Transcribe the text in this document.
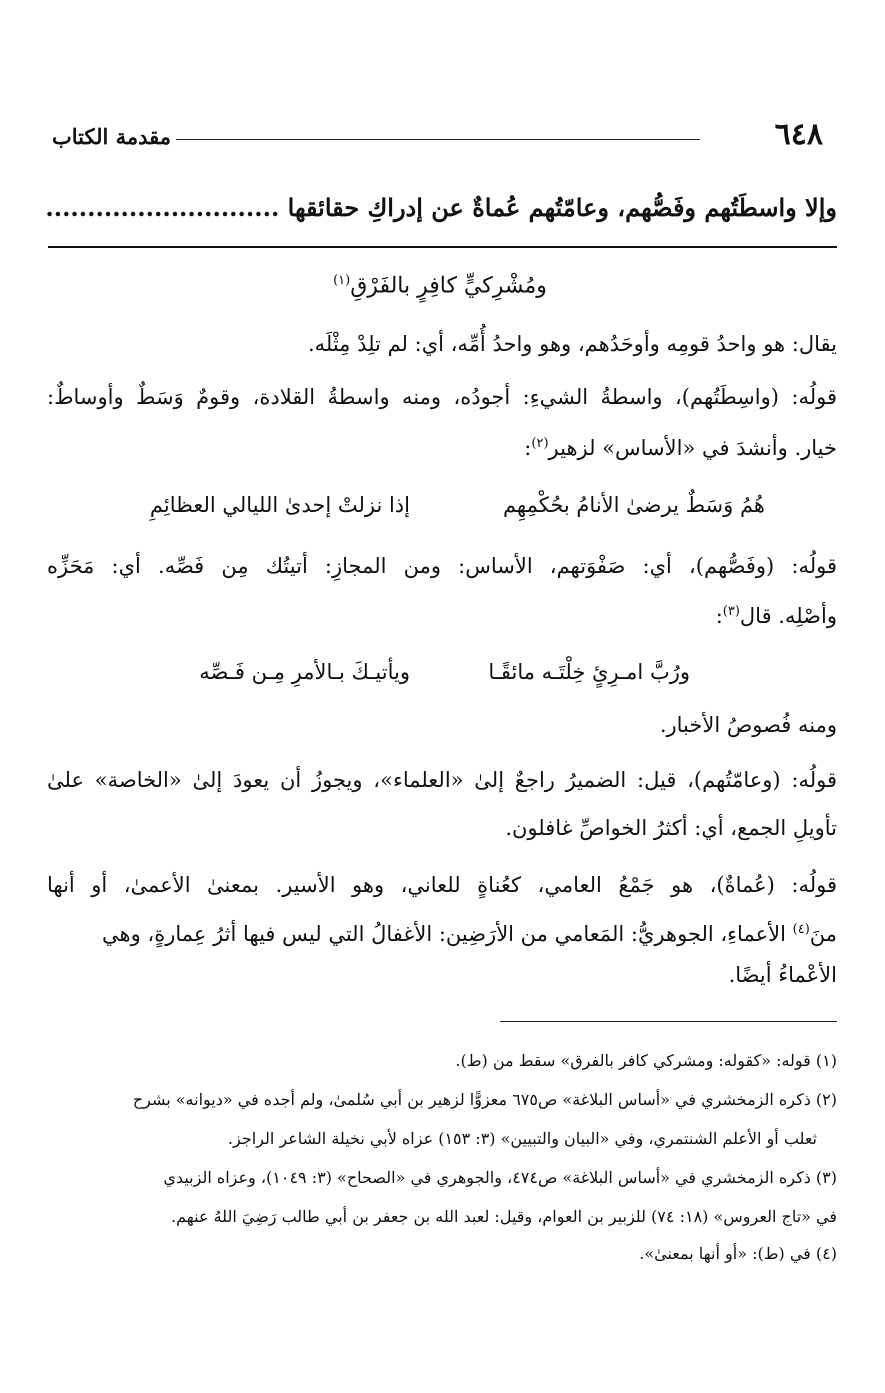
٦٤٨
مقدمة الكتاب
وإلا واسطَتُهم وفَصُّهم، وعامّتُهم عُماةٌ عن إدراكِ حقائقها ............................
ومُشْرِكيٍّ كافِرٍ بالفَرْقِ$^{(١)}$
يقال: هو واحدُ قومِه وأوحَدُهم، وهو واحدُ أُمِّه، أي: لم تلِدْ مِثْلَه.
قولُه: (واسِطَتُهم)، واسطةُ الشيءِ: أجودُه، ومنه واسطةُ القلادة، وقومٌ وَسَطٌ وأوساطٌ:
خيار. وأنشدَ في «الأساس» لزهير$^{(٢)}$:
هُمُ وَسَطٌ يرضىٰ الأنامُ بحُكْمِهِم
إذا نزلتْ إحدىٰ الليالي العظائِمِ
قولُه: (وفَصُّهم)، أي: صَفْوَتهم، الأساس: ومن المجازِ: أتيتُك مِن فَصِّه. أي: مَحَزِّه
وأصْلِه. قال$^{(٣)}$:
ورُبَّ امـرِئٍ خِلْتَـه مائقًـا
ويأتيـكَ بـالأمرِ مِـن فَـصِّه
ومنه فُصوصُ الأخبار.
قولُه: (وعامّتُهم)، قيل: الضميرُ راجعٌ إلىٰ «العلماء»، ويجوزُ أن يعودَ إلىٰ «الخاصة» علىٰ
تأويلِ الجمع، أي: أكثرُ الخواصِّ غافلون.
قولُه: (عُماةٌ)، هو جَمْعُ العامي، كعُناةٍ للعاني، وهو الأسير. بمعنىٰ الأعمىٰ، أو أنها
منَ$^{(٤)}$ الأعماءِ، الجوهريُّ: المَعامي من الأرَضِين: الأغفالُ التي ليس فيها أثرُ عِمارةٍ، وهي
الأعْماءُ أيضًا.
(١) قوله: «كقوله: ومشركي كافر بالفرق» سقط من (ط).
(٢) ذكره الزمخشري في «أساس البلاغة» ص٦٧٥ معزوًّا لزهير بن أبي سُلمىٰ، ولم أجده في «ديوانه» بشرح
ثعلب أو الأعلم الشنتمري، وفي «البيان والتبيين» (٣: ١٥٣) عزاه لأبي نخيلة الشاعر الراجز.
(٣) ذكره الزمخشري في «أساس البلاغة» ص٤٧٤، والجوهري في «الصحاح» (٣: ١٠٤٩)، وعزاه الزبيدي
في «تاج العروس» (١٨: ٧٤) للزبير بن العوام، وقيل: لعبد الله بن جعفر بن أبي طالب رَضِيَ اللهُ عنهم.
(٤) في (ط): «أو أنها بمعنىٰ».
